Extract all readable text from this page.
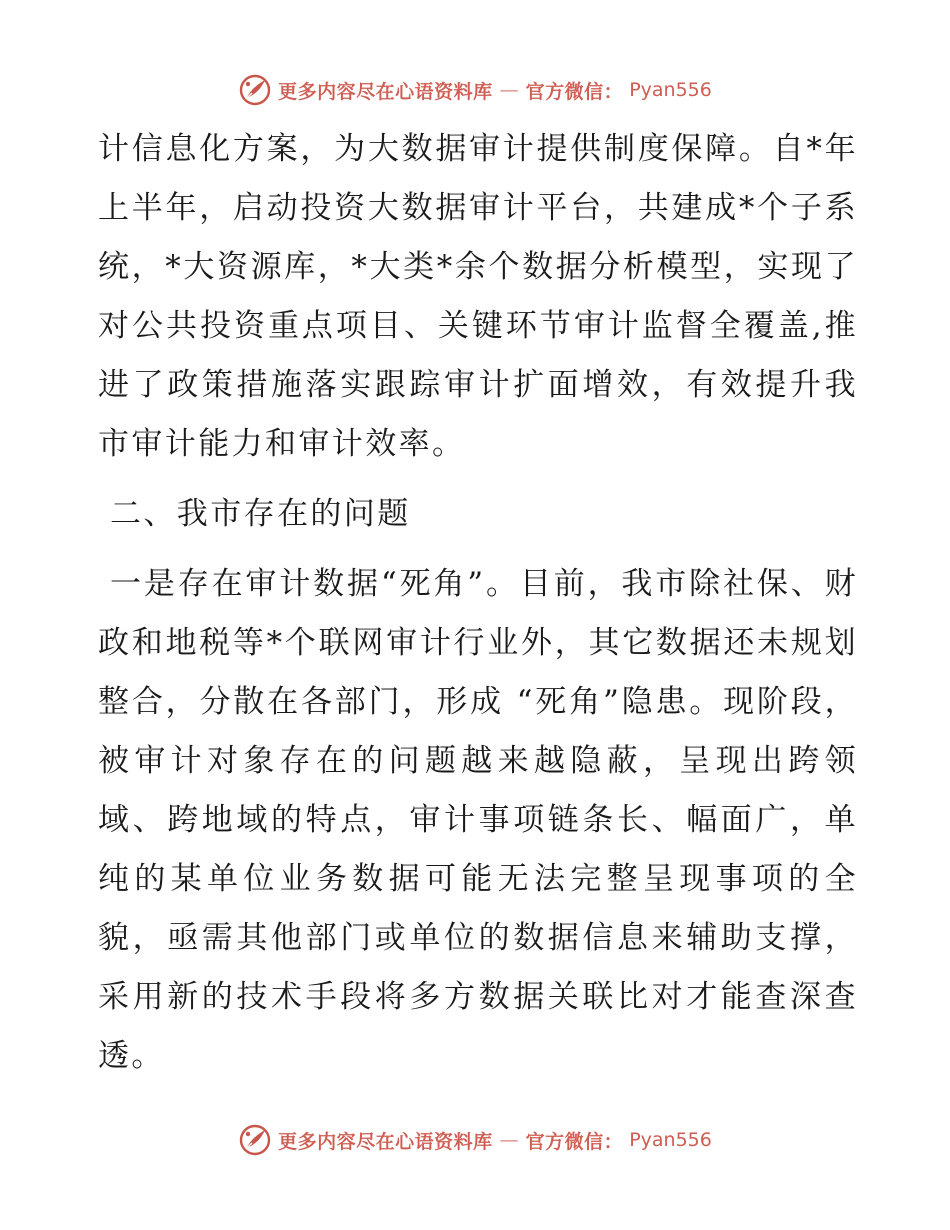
更多内容尽在心语资料库 — 官方微信： Pyan556

计信息化方案，为大数据审计提供制度保障。自*年上半年，启动投资大数据审计平台，共建成*个子系统，*大资源库，*大类*余个数据分析模型，实现了对公共投资重点项目、关键环节审计监督全覆盖,推进了政策措施落实跟踪审计扩面增效，有效提升我市审计能力和审计效率。

二、我市存在的问题

一是存在审计数据“死角”。目前，我市除社保、财政和地税等*个联网审计行业外，其它数据还未规划整合，分散在各部门，形成 “死角”隐患。现阶段，被审计对象存在的问题越来越隐蔽，呈现出跨领域、跨地域的特点，审计事项链条长、幅面广，单纯的某单位业务数据可能无法完整呈现事项的全貌，亟需其他部门或单位的数据信息来辅助支撑，采用新的技术手段将多方数据关联比对才能查深查透。

更多内容尽在心语资料库 — 官方微信： Pyan556
